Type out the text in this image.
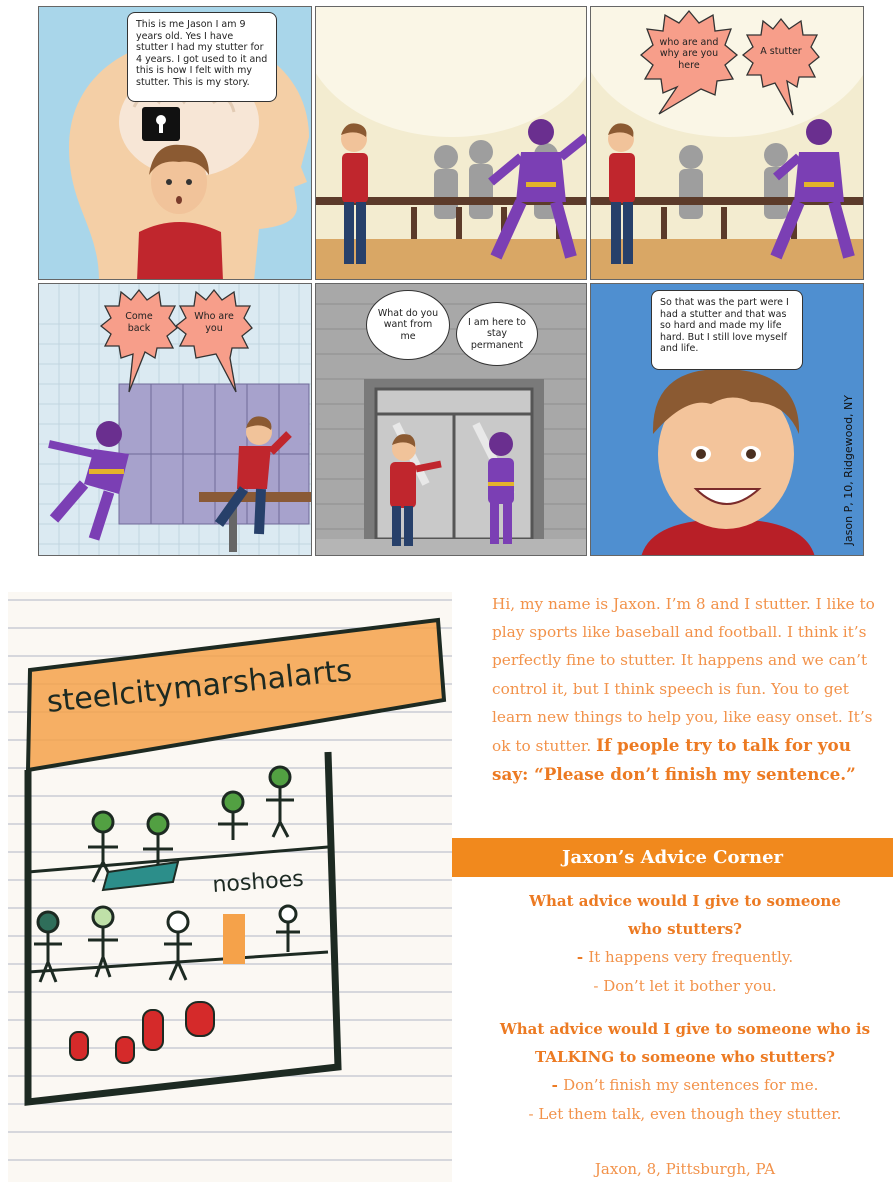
This is me Jason I am 9 years old. Yes I have stutter I had my stutter for 4 years. I got used to it and this is how I felt with my stutter. This is my story.
who are and why are you here
A stutter
Come back
Who are you
What do you want from me
I am here to stay permanent
So that was the part were I had a stutter and that was so hard and made my life hard. But I still love myself and life.
Jason P, 10, Ridgewood, NY
steelcitymarshalarts
noshoes
Hi, my name is Jaxon. I’m 8 and I stutter. I like to play sports like baseball and football. I think it’s perfectly fine to stutter. It happens and we can’t control it, but I think speech is fun. You to get learn new things to help you, like easy onset. It’s ok to stutter. If people try to talk for you say: “Please don’t finish my sentence.”
Jaxon’s Advice Corner
What advice would I give to someone who stutters?
- It happens very frequently.
- Don’t let it bother you.
What advice would I give to someone who is TALKING to someone who stutters?
- Don’t finish my sentences for me.
- Let them talk, even though they stutter.
Jaxon, 8, Pittsburgh, PA
